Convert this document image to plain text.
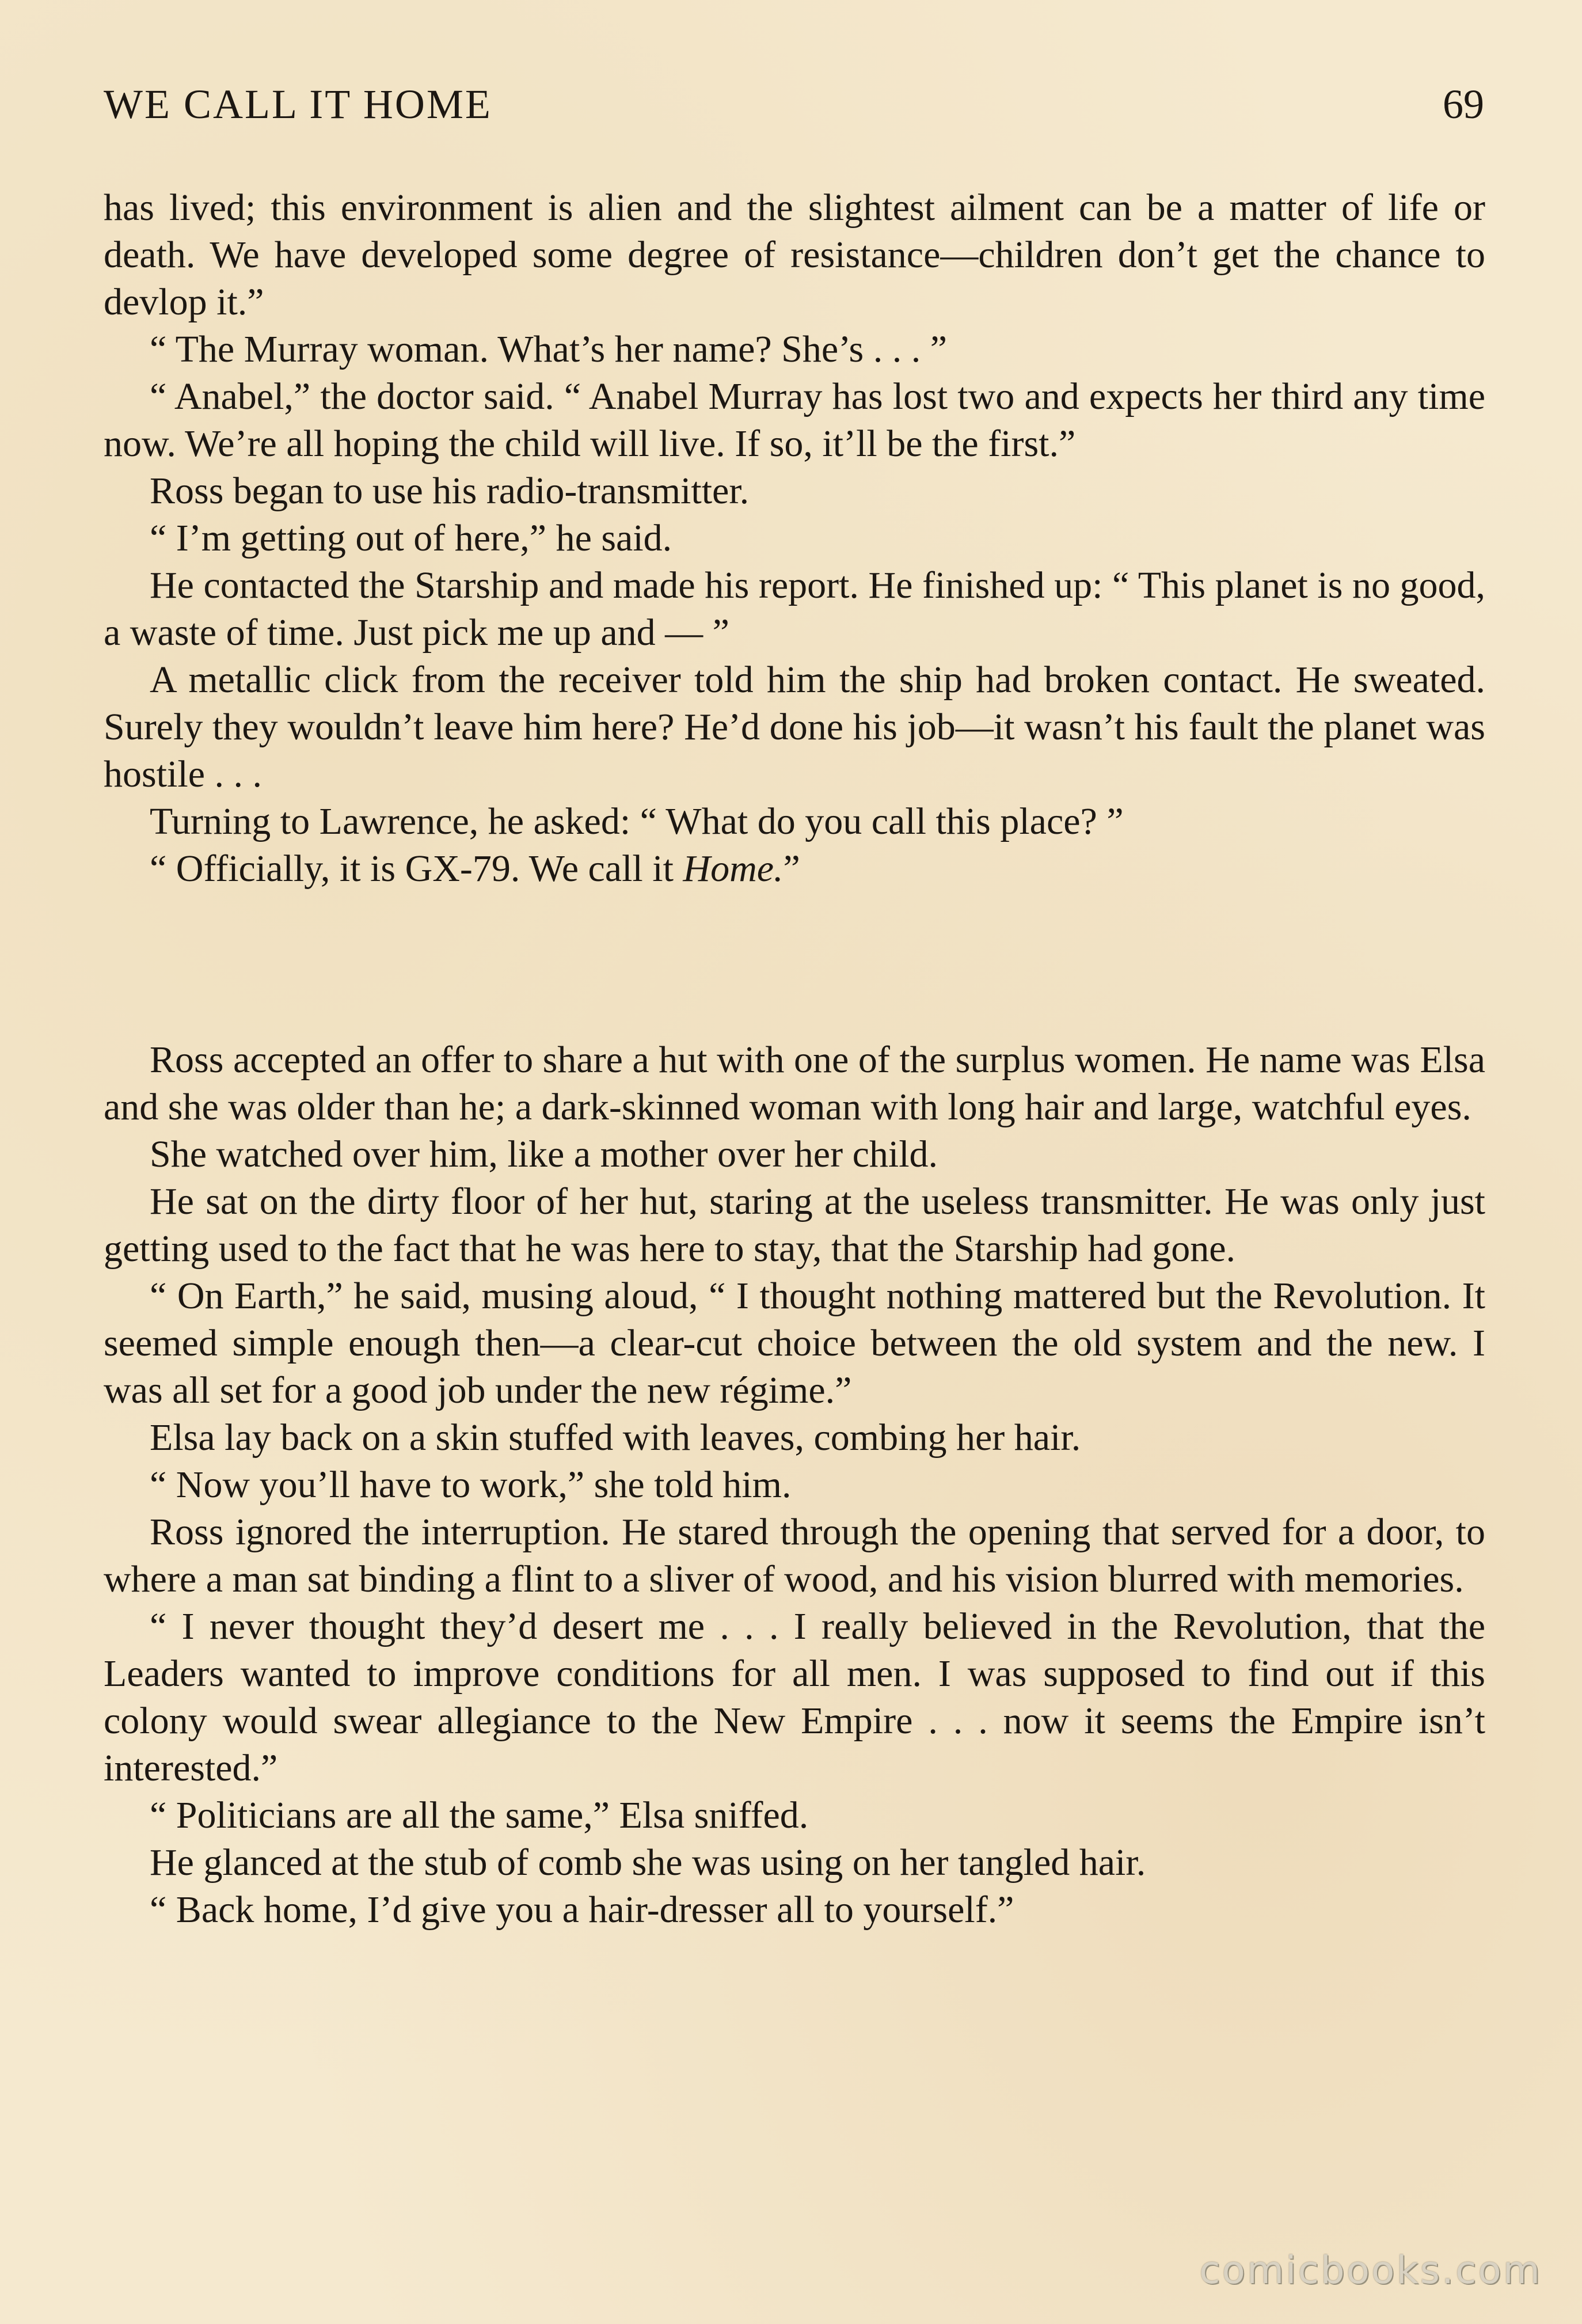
WE CALL IT HOME	69

has lived; this environment is alien and the slightest ailment can be a matter of life or death. We have developed some degree of resistance—children don’t get the chance to devlop it.”

“ The Murray woman. What’s her name? She’s . . . ”

“ Anabel,” the doctor said. “ Anabel Murray has lost two and expects her third any time now. We’re all hoping the child will live. If so, it’ll be the first.”

Ross began to use his radio-transmitter.

“ I’m getting out of here,” he said.

He contacted the Starship and made his report. He finished up: “ This planet is no good, a waste of time. Just pick me up and — ”

A metallic click from the receiver told him the ship had broken contact. He sweated. Surely they wouldn’t leave him here? He’d done his job—it wasn’t his fault the planet was hostile . . .

Turning to Lawrence, he asked: “ What do you call this place? ”

“ Officially, it is GX-79. We call it Home.”

Ross accepted an offer to share a hut with one of the surplus women. He name was Elsa and she was older than he; a dark-skinned woman with long hair and large, watchful eyes.

She watched over him, like a mother over her child.

He sat on the dirty floor of her hut, staring at the useless transmitter. He was only just getting used to the fact that he was here to stay, that the Starship had gone.

“ On Earth,” he said, musing aloud, “ I thought nothing mattered but the Revolution. It seemed simple enough then—a clear-cut choice between the old system and the new. I was all set for a good job under the new régime.”

Elsa lay back on a skin stuffed with leaves, combing her hair.

“ Now you’ll have to work,” she told him.

Ross ignored the interruption. He stared through the opening that served for a door, to where a man sat binding a flint to a sliver of wood, and his vision blurred with memories.

“ I never thought they’d desert me . . . I really believed in the Revolution, that the Leaders wanted to improve conditions for all men. I was supposed to find out if this colony would swear allegiance to the New Empire . . . now it seems the Empire isn’t interested.”

“ Politicians are all the same,” Elsa sniffed.

He glanced at the stub of comb she was using on her tangled hair.

“ Back home, I’d give you a hair-dresser all to yourself.”

comicbooks.com
